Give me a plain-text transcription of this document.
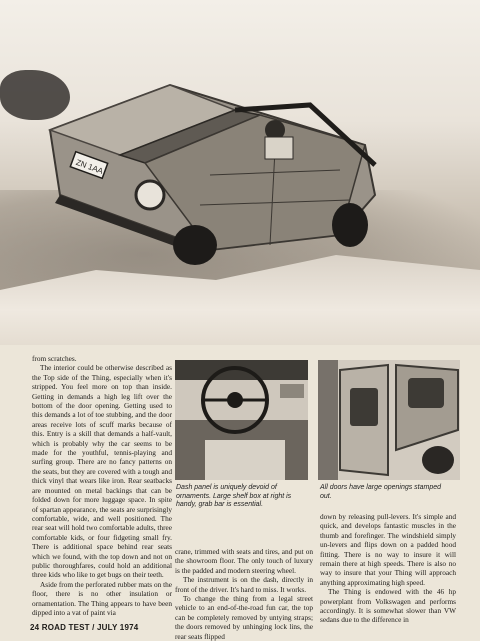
ZN 1AA

from scratches.

The interior could be otherwise described as the Top side of the Thing, especially when it's stripped. You feel more on top than inside. Getting in demands a high leg lift over the bottom of the door opening. Getting used to this demands a lot of toe stubbing, and the door areas receive lots of scuff marks because of this. Entry is a skill that demands a half-vault, which is probably why the car seems to be made for the youthful, tennis-playing and surfing group. There are no fancy patterns on the seats, but they are covered with a tough and thick vinyl that wears like iron. Rear seatbacks are mounted on metal backings that can be folded down for more luggage space. In spite of spartan appearance, the seats are surprisingly comfortable, wide, and well positioned. The rear seat will hold two comfortable adults, three comfortable kids, or four fidgeting small fry. There is additional space behind rear seats which we found, with the top down and not on public thoroughfares, could hold an additional three kids who like to get bugs on their teeth.

Aside from the perforated rubber mats on the floor, there is no other insulation or ornamentation. The Thing appears to have been dipped into a vat of paint via

Dash panel is uniquely devoid of ornaments. Large shelf box at right is handy, grab bar is essential.
All doors have large openings stamped out.

crane, trimmed with seats and tires, and put on the showroom floor. The only touch of luxury is the padded and modern steering wheel.

The instrument is on the dash, directly in front of the driver. It's hard to miss. It works.

To change the thing from a legal street vehicle to an end-of-the-road fun car, the top can be completely removed by untying straps; the doors removed by unhinging lock lins, the rear seats flipped

down by releasing pull-levers. It's simple and quick, and develops fantastic muscles in the thumb and forefinger. The windshield simply un-levers and flips down on a padded hood fitting. There is no way to insure it will remain there at high speeds. There is also no way to insure that your Thing will approach anything approximating high speed.

The Thing is endowed with the 46 hp powerplant from Volkswagen and performs accordingly. It is somewhat slower than VW sedans due to the difference in

24 ROAD TEST / JULY 1974
